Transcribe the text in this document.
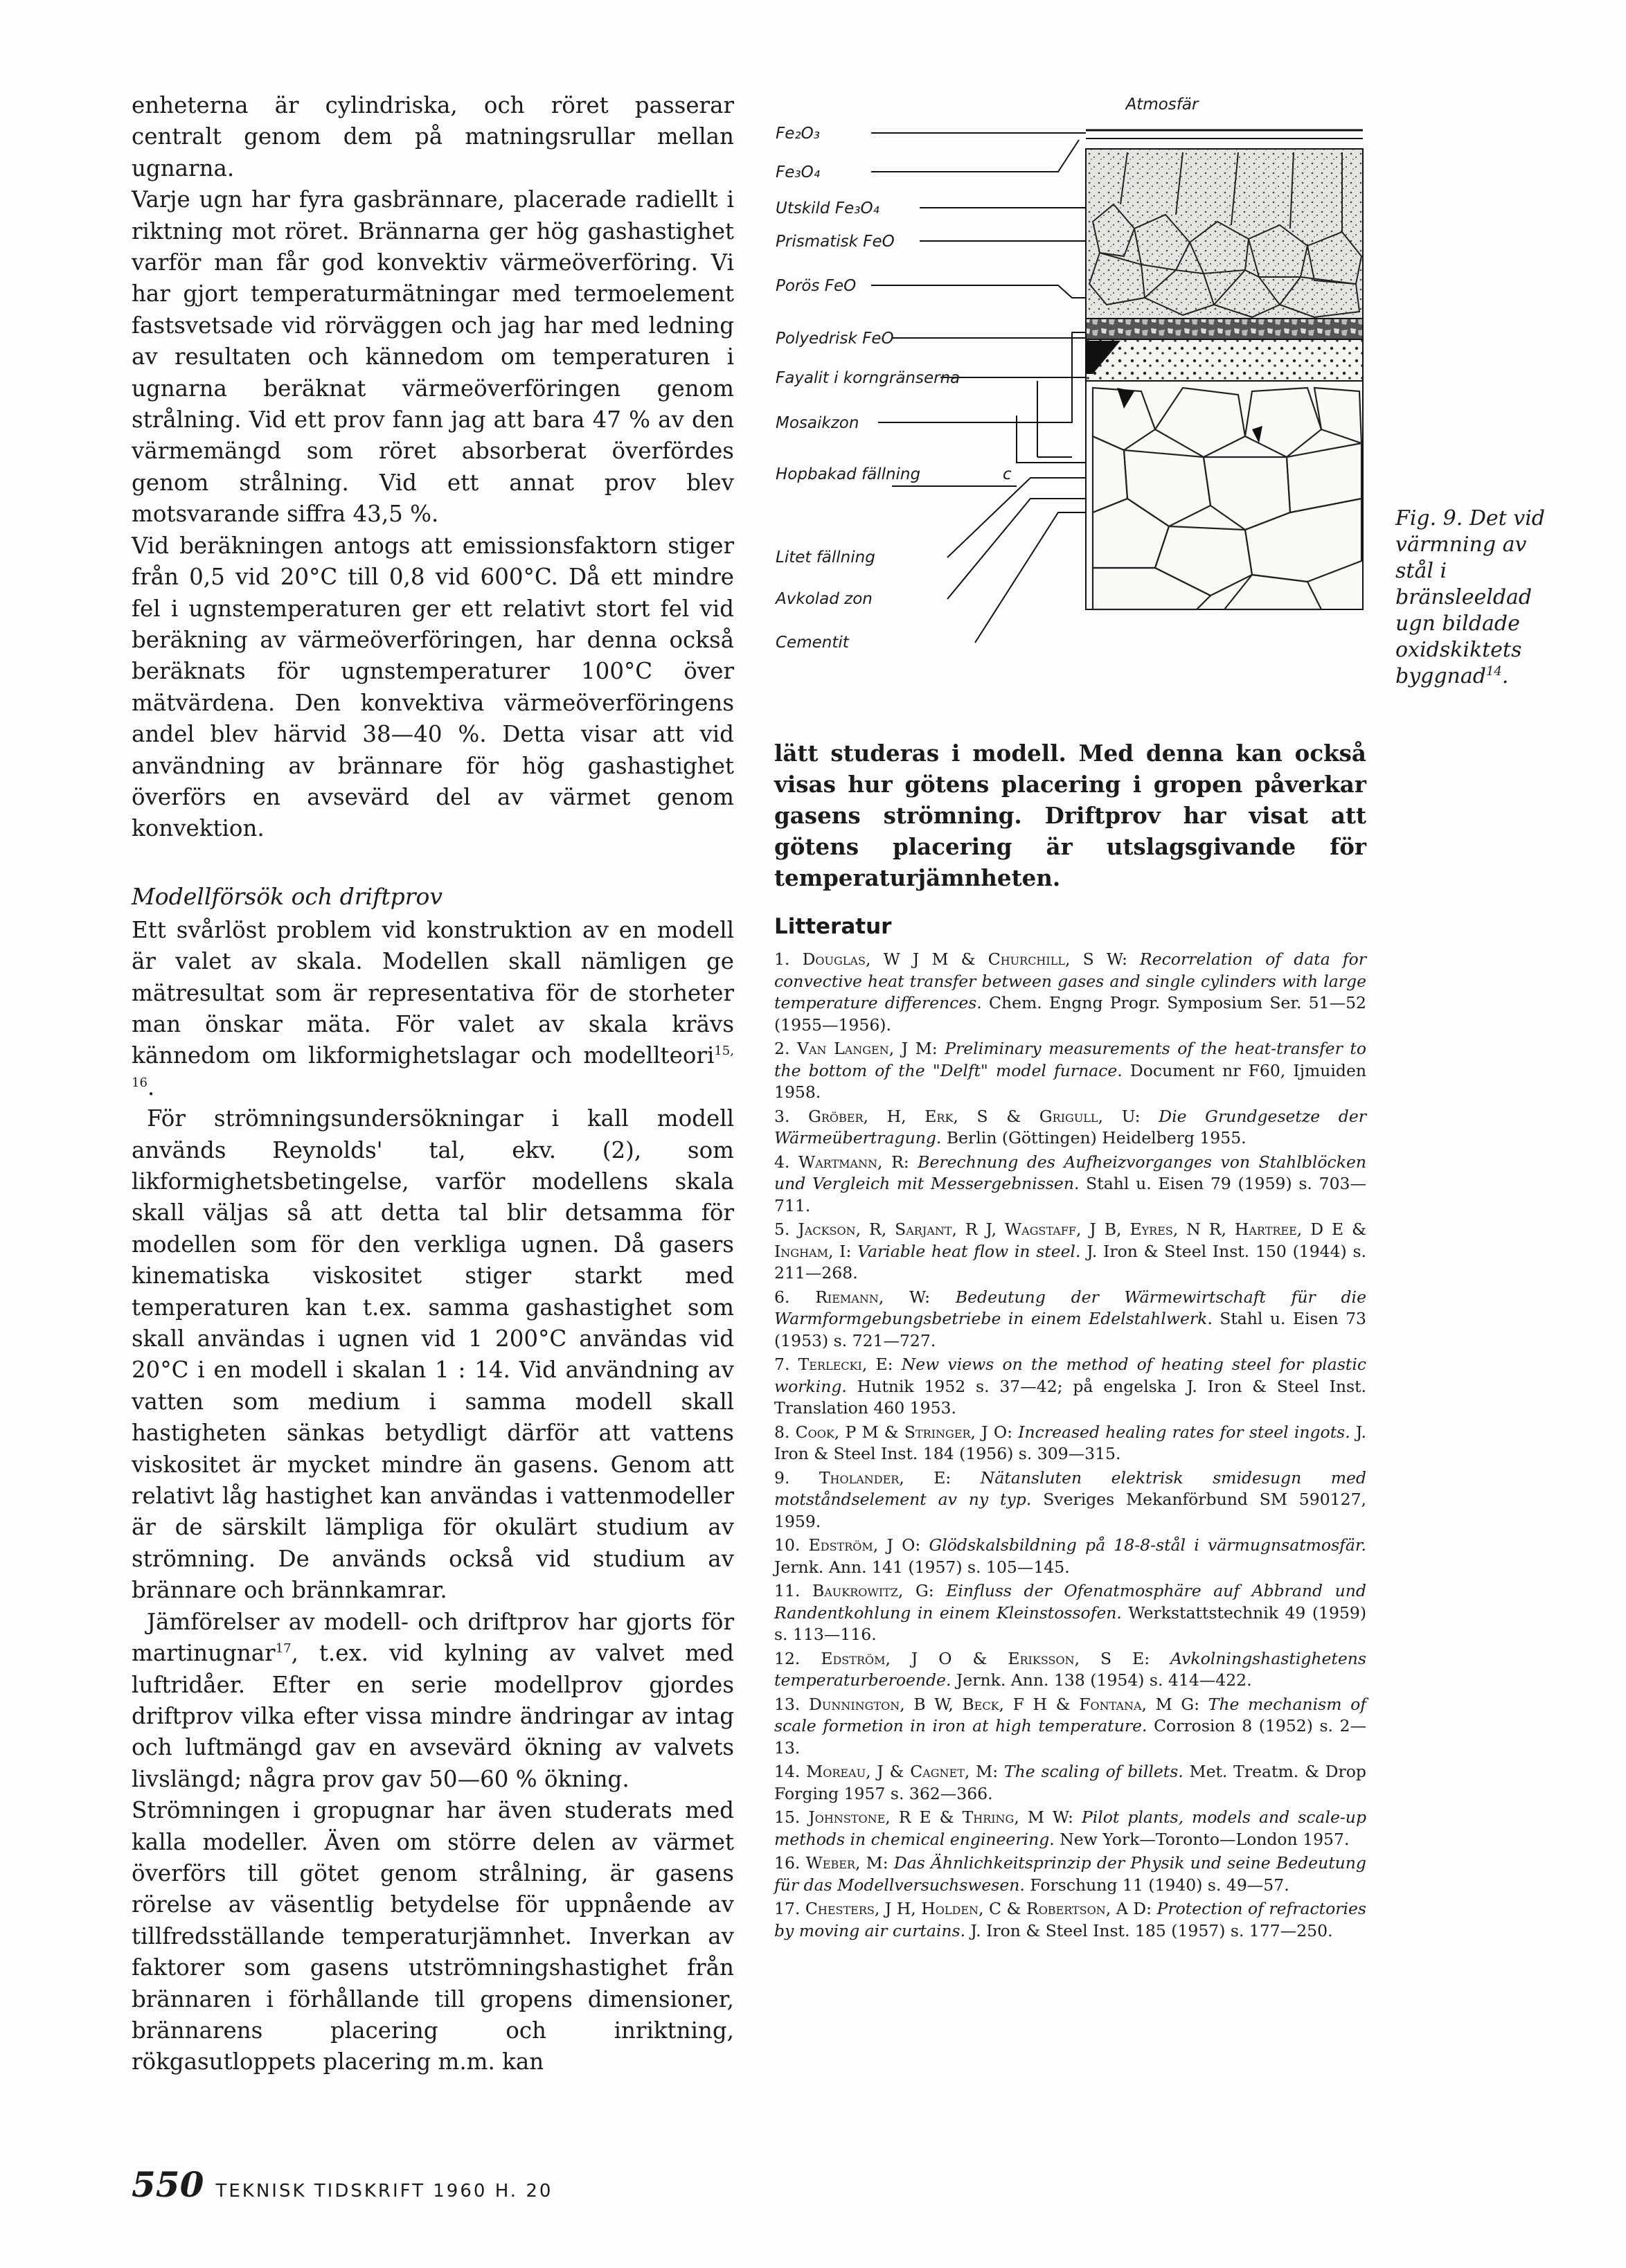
enheterna är cylindriska, och röret passerar centralt genom dem på matningsrullar mellan ugnarna.

Varje ugn har fyra gasbrännare, placerade radiellt i riktning mot röret. Brännarna ger hög gashastighet varför man får god konvektiv värmeöverföring. Vi har gjort temperaturmätningar med termoelement fastsvetsade vid rörväggen och jag har med ledning av resultaten och kännedom om temperaturen i ugnarna beräknat värmeöverföringen genom strålning. Vid ett prov fann jag att bara 47 % av den värmemängd som röret absorberat överfördes genom strålning. Vid ett annat prov blev motsvarande siffra 43,5 %.

Vid beräkningen antogs att emissionsfaktorn stiger från 0,5 vid 20°C till 0,8 vid 600°C. Då ett mindre fel i ugnstemperaturen ger ett relativt stort fel vid beräkning av värmeöverföringen, har denna också beräknats för ugnstemperaturer 100°C över mätvärdena. Den konvektiva värmeöverföringens andel blev härvid 38—40 %. Detta visar att vid användning av brännare för hög gashastighet överförs en avsevärd del av värmet genom konvektion.

Modellförsök och driftprov

Ett svårlöst problem vid konstruktion av en modell är valet av skala. Modellen skall nämligen ge mätresultat som är representativa för de storheter man önskar mäta. För valet av skala krävs kännedom om likformighetslagar och modellteori$^{15, 16}$.

För strömningsundersökningar i kall modell används Reynolds' tal, ekv. (2), som likformighetsbetingelse, varför modellens skala skall väljas så att detta tal blir detsamma för modellen som för den verkliga ugnen. Då gasers kinematiska viskositet stiger starkt med temperaturen kan t.ex. samma gashastighet som skall användas i ugnen vid 1 200°C användas vid 20°C i en modell i skalan 1 : 14. Vid användning av vatten som medium i samma modell skall hastigheten sänkas betydligt därför att vattens viskositet är mycket mindre än gasens. Genom att relativt låg hastighet kan användas i vattenmodeller är de särskilt lämpliga för okulärt studium av strömning. De används också vid studium av brännare och brännkamrar.

Jämförelser av modell- och driftprov har gjorts för martinugnar$^{17}$, t.ex. vid kylning av valvet med luftridåer. Efter en serie modellprov gjordes driftprov vilka efter vissa mindre ändringar av intag och luftmängd gav en avsevärd ökning av valvets livslängd; några prov gav 50—60 % ökning.

Strömningen i gropugnar har även studerats med kalla modeller. Även om större delen av värmet överförs till götet genom strålning, är gasens rörelse av väsentlig betydelse för uppnående av tillfredsställande temperaturjämnhet. Inverkan av faktorer som gasens utströmningshastighet från brännaren i förhållande till gropens dimensioner, brännarens placering och inriktning, rökgasutloppets placering m.m. kan

Atmosfär
Fe₂O₃
Fe₃O₄
Utskild Fe₃O₄
Prismatisk FeO
Porös FeO
Polyedrisk FeO
Fayalit i korngränserna
Mosaikzon
Hopbakad fällning	c
Litet fällning
Avkolad zon
Cementit
Fig. 9. Det vid värmning av stål i bränsleeldad ugn bildade oxidskiktets byggnad$^{14}$.

lätt studeras i modell. Med denna kan också visas hur götens placering i gropen påverkar gasens strömning. Driftprov har visat att götens placering är utslagsgivande för temperaturjämnheten.

Litteratur

1. Douglas, W J M & Churchill, S W: Recorrelation of data for convective heat transfer between gases and single cylinders with large temperature differences. Chem. Engng Progr. Symposium Ser. 51—52 (1955—1956).

2. Van Langen, J M: Preliminary measurements of the heat-transfer to the bottom of the "Delft" model furnace. Document nr F60, Ijmuiden 1958.

3. Gröber, H, Erk, S & Grigull, U: Die Grundgesetze der Wärmeübertragung. Berlin (Göttingen) Heidelberg 1955.

4. Wartmann, R: Berechnung des Aufheizvorganges von Stahlblöcken und Vergleich mit Messergebnissen. Stahl u. Eisen 79 (1959) s. 703—711.

5. Jackson, R, Sarjant, R J, Wagstaff, J B, Eyres, N R, Hartree, D E & Ingham, I: Variable heat flow in steel. J. Iron & Steel Inst. 150 (1944) s. 211—268.

6. Riemann, W: Bedeutung der Wärmewirtschaft für die Warmformgebungsbetriebe in einem Edelstahlwerk. Stahl u. Eisen 73 (1953) s. 721—727.

7. Terlecki, E: New views on the method of heating steel for plastic working. Hutnik 1952 s. 37—42; på engelska J. Iron & Steel Inst. Translation 460 1953.

8. Cook, P M & Stringer, J O: Increased healing rates for steel ingots. J. Iron & Steel Inst. 184 (1956) s. 309—315.

9. Tholander, E: Nätansluten elektrisk smidesugn med motståndselement av ny typ. Sveriges Mekanförbund SM 590127, 1959.

10. Edström, J O: Glödskalsbildning på 18-8-stål i värmugnsatmosfär. Jernk. Ann. 141 (1957) s. 105—145.

11. Baukrowitz, G: Einfluss der Ofenatmosphäre auf Abbrand und Randentkohlung in einem Kleinstossofen. Werkstattstechnik 49 (1959) s. 113—116.

12. Edström, J O & Eriksson, S E: Avkolningshastighetens temperaturberoende. Jernk. Ann. 138 (1954) s. 414—422.

13. Dunnington, B W, Beck, F H & Fontana, M G: The mechanism of scale formetion in iron at high temperature. Corrosion 8 (1952) s. 2—13.

14. Moreau, J & Cagnet, M: The scaling of billets. Met. Treatm. & Drop Forging 1957 s. 362—366.

15. Johnstone, R E & Thring, M W: Pilot plants, models and scale-up methods in chemical engineering. New York—Toronto—London 1957.

16. Weber, M: Das Ähnlichkeitsprinzip der Physik und seine Bedeutung für das Modellversuchswesen. Forschung 11 (1940) s. 49—57.

17. Chesters, J H, Holden, C & Robertson, A D: Protection of refractories by moving air curtains. J. Iron & Steel Inst. 185 (1957) s. 177—250.

550 TEKNISK TIDSKRIFT 1960 H. 20
